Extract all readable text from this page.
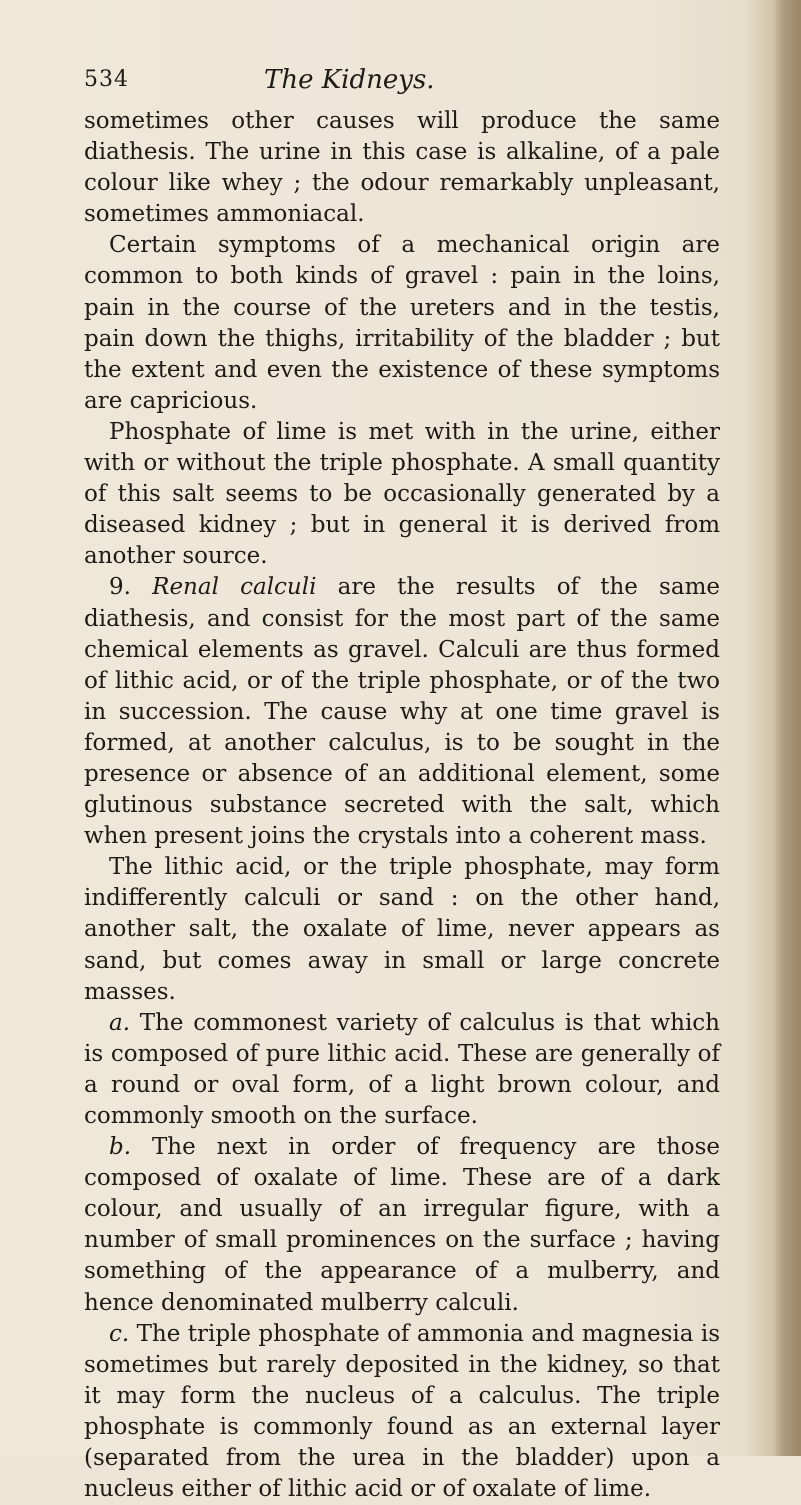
534	The Kidneys.

sometimes other causes will produce the same diathesis. The urine in this case is alkaline, of a pale colour like whey ; the odour remarkably unpleasant, sometimes ammoniacal.

Certain symptoms of a mechanical origin are common to both kinds of gravel : pain in the loins, pain in the course of the ureters and in the testis, pain down the thighs, irritability of the bladder ; but the extent and even the existence of these symptoms are capricious.

Phosphate of lime is met with in the urine, either with or without the triple phosphate. A small quantity of this salt seems to be occasionally generated by a diseased kidney ; but in general it is derived from another source.

9. Renal calculi are the results of the same diathesis, and consist for the most part of the same chemical elements as gravel. Calculi are thus formed of lithic acid, or of the triple phosphate, or of the two in succession. The cause why at one time gravel is formed, at another calculus, is to be sought in the presence or absence of an additional element, some glutinous substance secreted with the salt, which when present joins the crystals into a coherent mass.

The lithic acid, or the triple phosphate, may form indifferently calculi or sand : on the other hand, another salt, the oxalate of lime, never appears as sand, but comes away in small or large concrete masses.

a. The commonest variety of calculus is that which is composed of pure lithic acid. These are generally of a round or oval form, of a light brown colour, and commonly smooth on the surface.

b. The next in order of frequency are those composed of oxalate of lime. These are of a dark colour, and usually of an irregular figure, with a number of small prominences on the surface ; having something of the appearance of a mulberry, and hence denominated mulberry calculi.

c. The triple phosphate of ammonia and magnesia is sometimes but rarely deposited in the kidney, so that it may form the nucleus of a calculus. The triple phosphate is commonly found as an external layer (separated from the urea in the bladder) upon a nucleus either of lithic acid or of oxalate of lime.
